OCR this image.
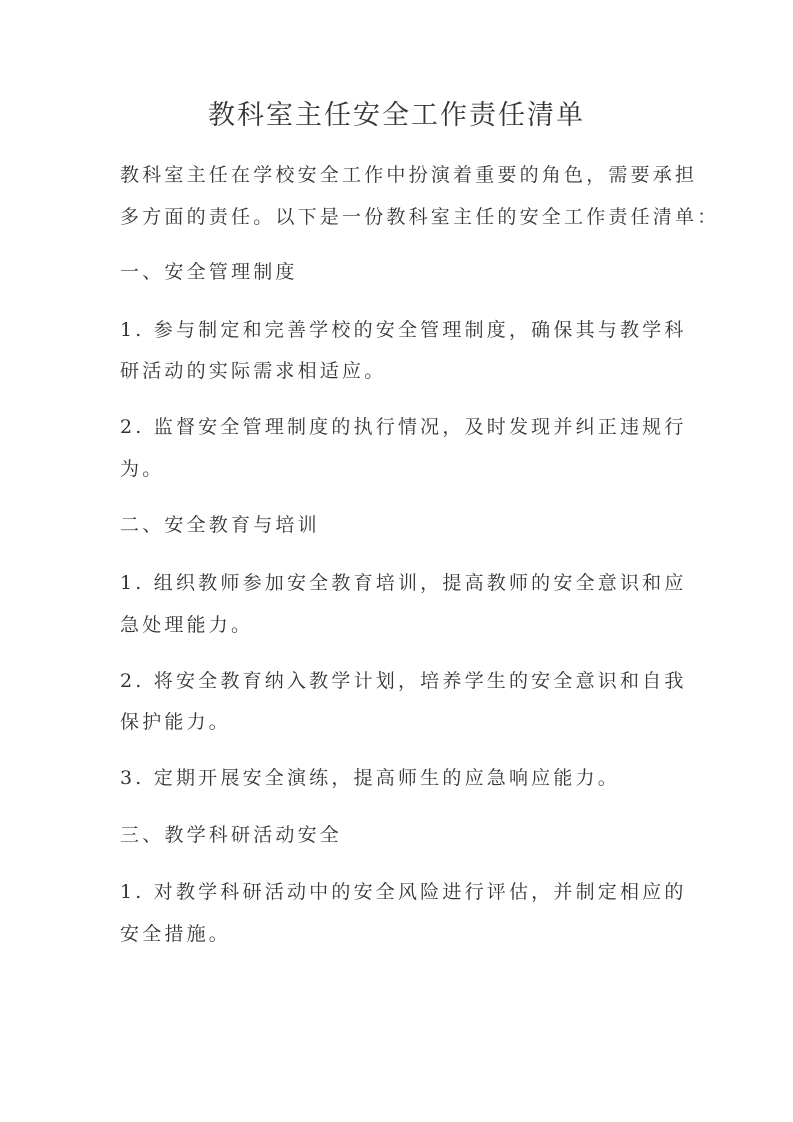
教科室主任安全工作责任清单
教科室主任在学校安全工作中扮演着重要的角色，需要承担
多方面的责任。以下是一份教科室主任的安全工作责任清单：
一、安全管理制度
1. 参与制定和完善学校的安全管理制度，确保其与教学科
研活动的实际需求相适应。
2. 监督安全管理制度的执行情况，及时发现并纠正违规行
为。
二、安全教育与培训
1. 组织教师参加安全教育培训，提高教师的安全意识和应
急处理能力。
2. 将安全教育纳入教学计划，培养学生的安全意识和自我
保护能力。
3. 定期开展安全演练，提高师生的应急响应能力。
三、教学科研活动安全
1. 对教学科研活动中的安全风险进行评估，并制定相应的
安全措施。
